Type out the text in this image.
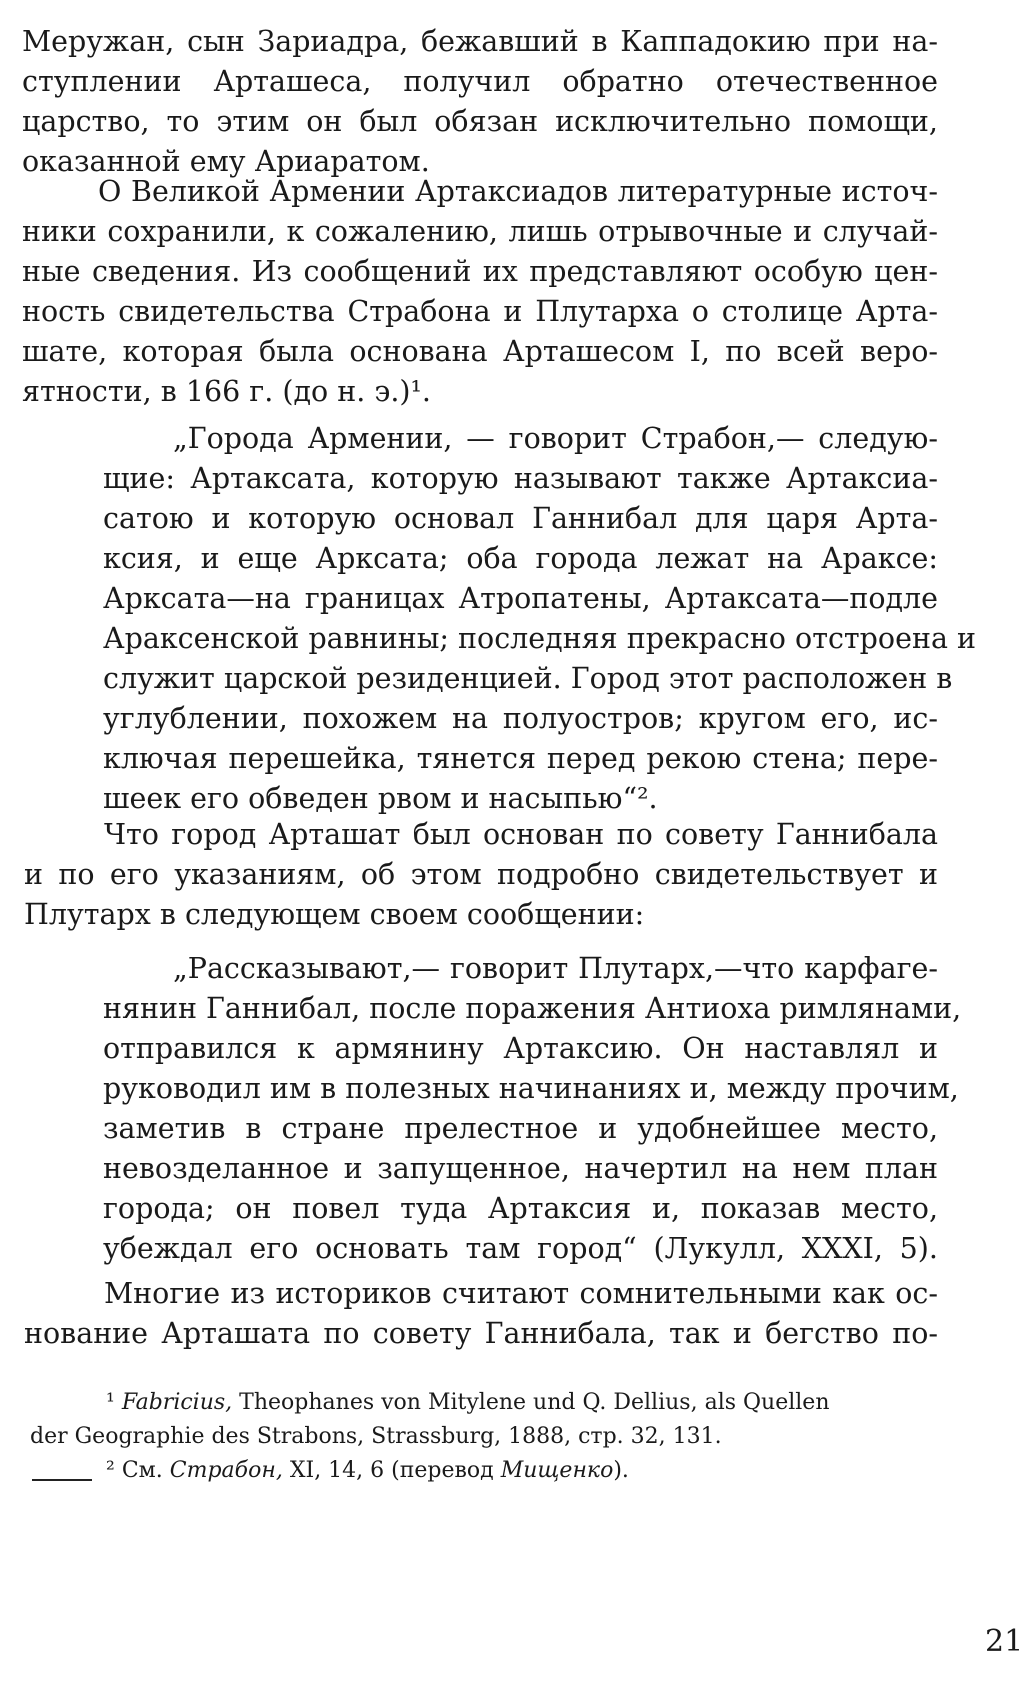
Меружан, сын Зариадра, бежавший в Каппадокию при на-
ступлении Арташеса, получил обратно отечественное
царство, то этим он был обязан исключительно помощи,
оказанной ему Ариаратом.
О Великой Армении Артаксиадов литературные источ-
ники сохранили, к сожалению, лишь отрывочные и случай-
ные сведения. Из сообщений их представляют особую цен-
ность свидетельства Страбона и Плутарха о столице Арта-
шате, которая была основана Арташесом I, по всей веро-
ятности, в 166 г. (до н. э.)¹.
„Города Армении, — говорит Страбон,— следую-
щие: Артаксата, которую называют также Артаксиа-
сатою и которую основал Ганнибал для царя Арта-
ксия, и еще Арксата; оба города лежат на Араксе:
Арксата—на границах Атропатены, Артаксата—подле
Араксенской равнины; последняя прекрасно отстроена и
служит царской резиденцией. Город этот расположен в
углублении, похожем на полуостров; кругом его, ис-
ключая перешейка, тянется перед рекою стена; пере-
шеек его обведен рвом и насыпью“².
Что город Арташат был основан по совету Ганнибала
и по его указаниям, об этом подробно свидетельствует и
Плутарх в следующем своем сообщении:
„Рассказывают,— говорит Плутарх,—что карфаге-
нянин Ганнибал, после поражения Антиоха римлянами,
отправился к армянину Артаксию. Он наставлял и
руководил им в полезных начинаниях и, между прочим,
заметив в стране прелестное и удобнейшее место,
невозделанное и запущенное, начертил на нем план
города; он повел туда Артаксия и, показав место,
убеждал его основать там город“ (Лукулл, XXXI, 5).
Многие из историков считают сомнительными как ос-
нование Арташата по совету Ганнибала, так и бегство по-
¹ Fabricius, Theophanes von Mitylene und Q. Dellius, als Quellen
der Geographie des Strabons, Strassburg, 1888, стр. 32, 131.
² См. Страбон, XI, 14, 6 (перевод Мищенко).
21
